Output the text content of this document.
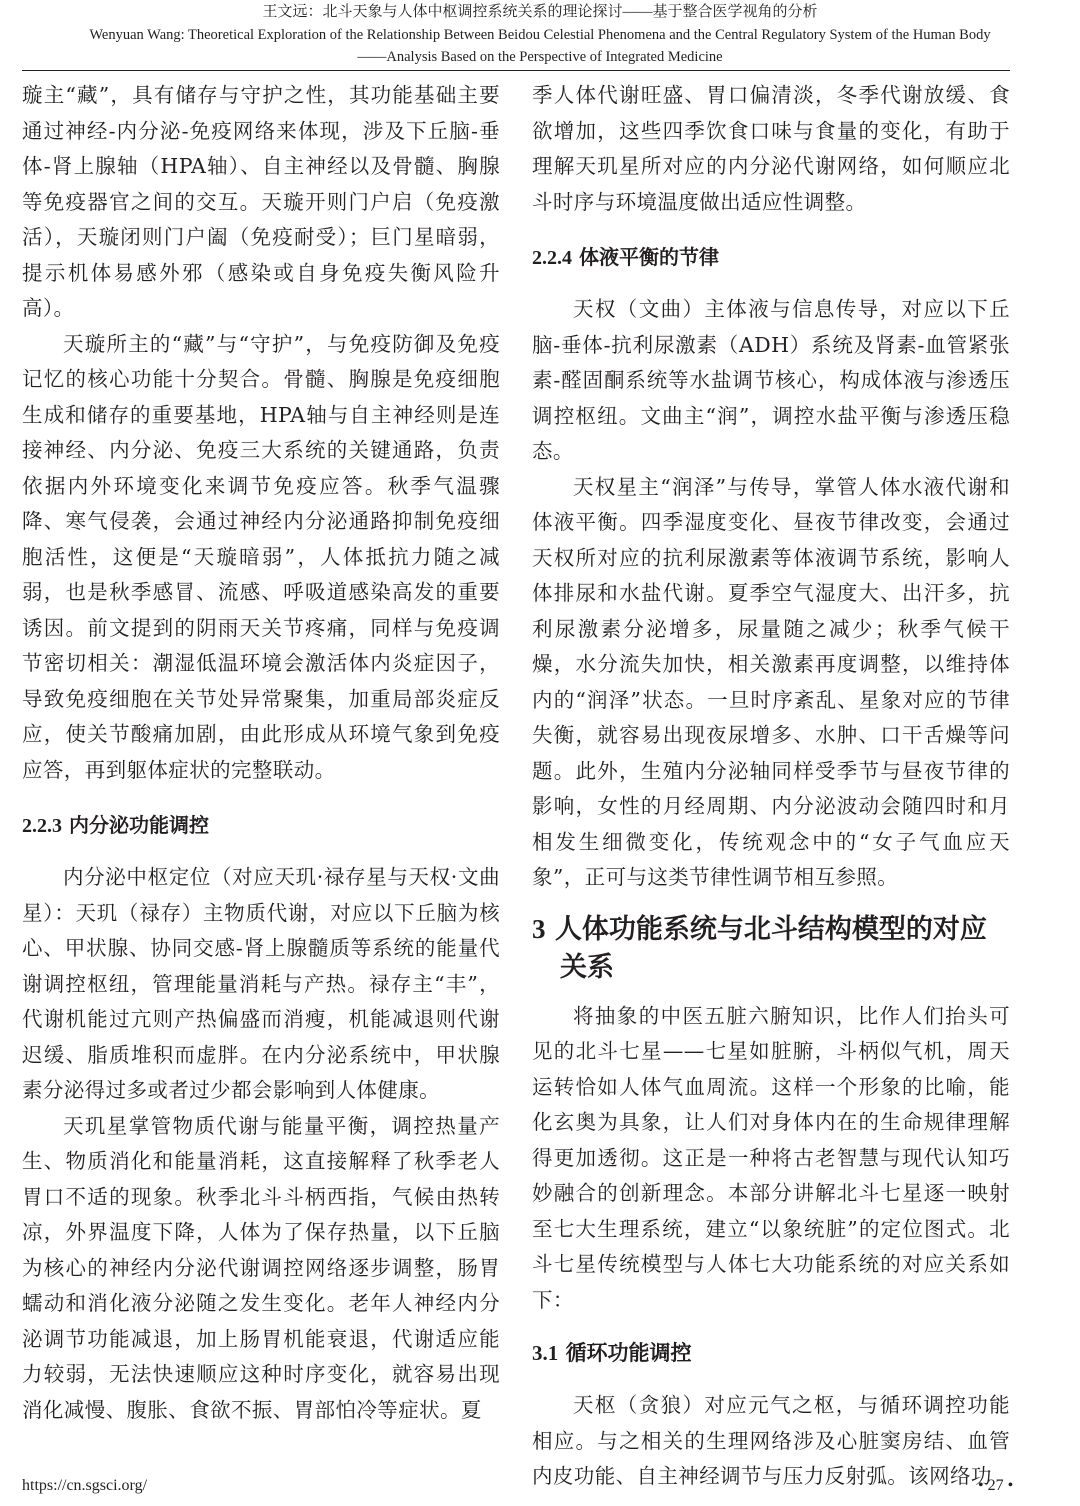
王文远：北斗天象与人体中枢调控系统关系的理论探讨——基于整合医学视角的分析
Wenyuan Wang: Theoretical Exploration of the Relationship Between Beidou Celestial Phenomena and the Central Regulatory System of the Human Body
——Analysis Based on the Perspective of Integrated Medicine

璇主“藏”，具有储存与守护之性，其功能基础主要通过神经-内分泌-免疫网络来体现，涉及下丘脑-垂体-肾上腺轴（HPA轴）、自主神经以及骨髓、胸腺等免疫器官之间的交互。天璇开则门户启（免疫激活），天璇闭则门户阖（免疫耐受）；巨门星暗弱，提示机体易感外邪（感染或自身免疫失衡风险升高）。

天璇所主的“藏”与“守护”，与免疫防御及免疫记忆的核心功能十分契合。骨髓、胸腺是免疫细胞生成和储存的重要基地，HPA轴与自主神经则是连接神经、内分泌、免疫三大系统的关键通路，负责依据内外环境变化来调节免疫应答。秋季气温骤降、寒气侵袭，会通过神经内分泌通路抑制免疫细胞活性，这便是“天璇暗弱”，人体抵抗力随之减弱，也是秋季感冒、流感、呼吸道感染高发的重要诱因。前文提到的阴雨天关节疼痛，同样与免疫调节密切相关：潮湿低温环境会激活体内炎症因子，导致免疫细胞在关节处异常聚集，加重局部炎症反应，使关节酸痛加剧，由此形成从环境气象到免疫应答，再到躯体症状的完整联动。

2.2.3 内分泌功能调控

内分泌中枢定位（对应天玑·禄存星与天权·文曲星）：天玑（禄存）主物质代谢，对应以下丘脑为核心、甲状腺、协同交感-肾上腺髓质等系统的能量代谢调控枢纽，管理能量消耗与产热。禄存主“丰”，代谢机能过亢则产热偏盛而消瘦，机能减退则代谢迟缓、脂质堆积而虚胖。在内分泌系统中，甲状腺素分泌得过多或者过少都会影响到人体健康。

天玑星掌管物质代谢与能量平衡，调控热量产生、物质消化和能量消耗，这直接解释了秋季老人胃口不适的现象。秋季北斗斗柄西指，气候由热转凉，外界温度下降，人体为了保存热量，以下丘脑为核心的神经内分泌代谢调控网络逐步调整，肠胃蠕动和消化液分泌随之发生变化。老年人神经内分泌调节功能减退，加上肠胃机能衰退，代谢适应能力较弱，无法快速顺应这种时序变化，就容易出现消化减慢、腹胀、食欲不振、胃部怕冷等症状。夏

季人体代谢旺盛、胃口偏清淡，冬季代谢放缓、食欲增加，这些四季饮食口味与食量的变化，有助于理解天玑星所对应的内分泌代谢网络，如何顺应北斗时序与环境温度做出适应性调整。

2.2.4 体液平衡的节律

天权（文曲）主体液与信息传导，对应以下丘脑-垂体-抗利尿激素（ADH）系统及肾素-血管紧张素-醛固酮系统等水盐调节核心，构成体液与渗透压调控枢纽。文曲主“润”，调控水盐平衡与渗透压稳态。

天权星主“润泽”与传导，掌管人体水液代谢和体液平衡。四季湿度变化、昼夜节律改变，会通过天权所对应的抗利尿激素等体液调节系统，影响人体排尿和水盐代谢。夏季空气湿度大、出汗多，抗利尿激素分泌增多，尿量随之减少；秋季气候干燥，水分流失加快，相关激素再度调整，以维持体内的“润泽”状态。一旦时序紊乱、星象对应的节律失衡，就容易出现夜尿增多、水肿、口干舌燥等问题。此外，生殖内分泌轴同样受季节与昼夜节律的影响，女性的月经周期、内分泌波动会随四时和月相发生细微变化，传统观念中的“女子气血应天象”，正可与这类节律性调节相互参照。

3 人体功能系统与北斗结构模型的对应关系

将抽象的中医五脏六腑知识，比作人们抬头可见的北斗七星——七星如脏腑，斗柄似气机，周天运转恰如人体气血周流。这样一个形象的比喻，能化玄奥为具象，让人们对身体内在的生命规律理解得更加透彻。这正是一种将古老智慧与现代认知巧妙融合的创新理念。本部分讲解北斗七星逐一映射至七大生理系统，建立“以象统脏”的定位图式。北斗七星传统模型与人体七大功能系统的对应关系如下：

3.1 循环功能调控

天枢（贪狼）对应元气之枢，与循环调控功能相应。与之相关的生理网络涉及心脏窦房结、血管内皮功能、自主神经调节与压力反射弧。该网络功

https://cn.sgsci.org/	• 27 •
